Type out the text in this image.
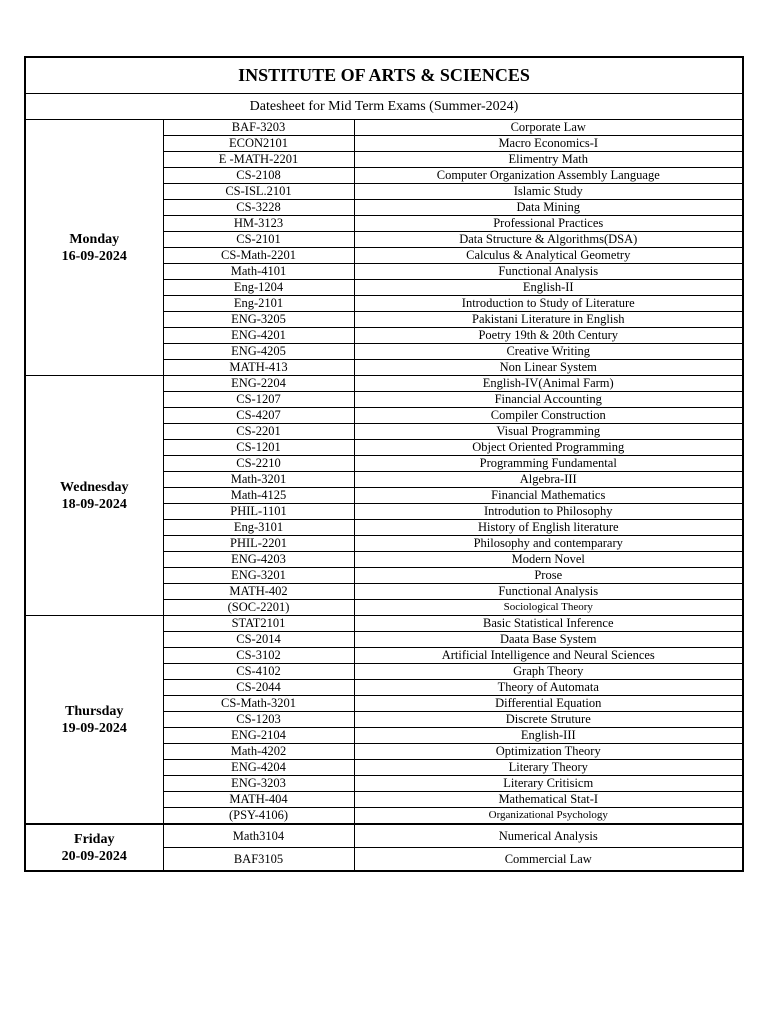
INSTITUTE OF ARTS & SCIENCES
Datesheet for Mid Term Exams (Summer-2024)
Monday
16-09-2024	BAF-3203	Corporate Law
	ECON2101	Macro Economics-I
	E -MATH-2201	Elimentry Math
	CS-2108	Computer Organization Assembly Language
	CS-ISL.2101	Islamic Study
	CS-3228	Data Mining
	HM-3123	Professional Practices
	CS-2101	Data Structure & Algorithms(DSA)
	CS-Math-2201	Calculus & Analytical Geometry
	Math-4101	Functional Analysis
	Eng-1204	English-II
	Eng-2101	Introduction to Study of Literature
	ENG-3205	Pakistani Literature in English
	ENG-4201	Poetry 19th & 20th Century
	ENG-4205	Creative Writing
	MATH-413	Non Linear System

Wednesday
18-09-2024	ENG-2204	English-IV(Animal Farm)
	CS-1207	Financial Accounting
	CS-4207	Compiler Construction
	CS-2201	Visual Programming
	CS-1201	Object Oriented Programming
	CS-2210	Programming Fundamental
	Math-3201	Algebra-III
	Math-4125	Financial Mathematics
	PHIL-1101	Introdution to Philosophy
	Eng-3101	History of English literature
	PHIL-2201	Philosophy and contemparary
	ENG-4203	Modern Novel
	ENG-3201	Prose
	MATH-402	Functional Analysis
	(SOC-2201)	Sociological Theory

Thursday
19-09-2024	STAT2101	Basic Statistical Inference
	CS-2014	Daata Base System
	CS-3102	Artificial Intelligence and Neural Sciences
	CS-4102	Graph Theory
	CS-2044	Theory of Automata
	CS-Math-3201	Differential Equation
	CS-1203	Discrete Struture
	ENG-2104	English-III
	Math-4202	Optimization Theory
	ENG-4204	Literary Theory
	ENG-3203	Literary Critisicm
	MATH-404	Mathematical Stat-I
	(PSY-4106)	Organizational Psychology

Friday
20-09-2024	Math3104	Numerical Analysis
	BAF3105	Commercial Law
